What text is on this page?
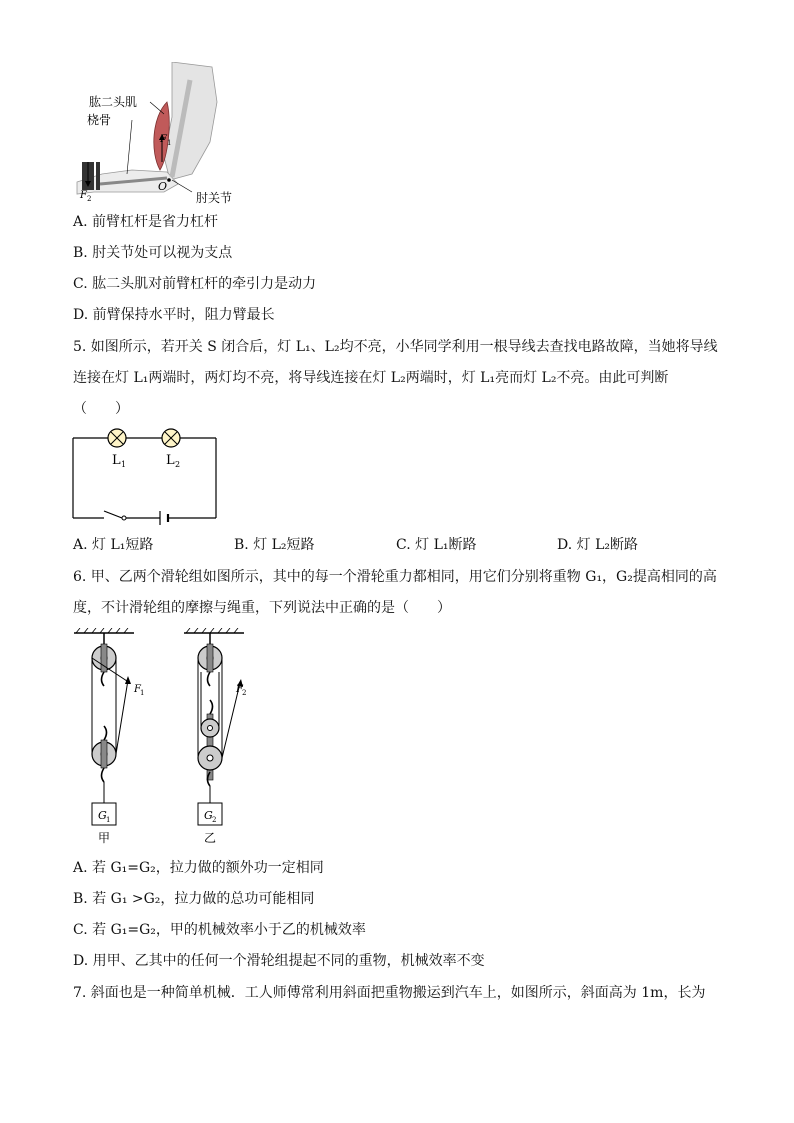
肱二头肌
桡骨
肘关节
F 1
F 2
O
A. 前臂杠杆是省力杠杆
B. 肘关节处可以视为支点
C. 肱二头肌对前臂杠杆的牵引力是动力
D. 前臂保持水平时，阻力臂最长
5. 如图所示，若开关 S 闭合后，灯 L₁、L₂均不亮，小华同学利用一根导线去查找电路故障，当她将导线
连接在灯 L₁两端时，两灯均不亮，将导线连接在灯 L₂两端时，灯 L₁亮而灯 L₂不亮。由此可判断
（　　）
L 1	L 2
A. 灯 L₁短路	B. 灯 L₂短路	C. 灯 L₁断路	D. 灯 L₂断路
6. 甲、乙两个滑轮组如图所示，其中的每一个滑轮重力都相同，用它们分别将重物 G₁，G₂提高相同的高
度，不计滑轮组的摩擦与绳重，下列说法中正确的是（　　）
F 1	F 2
G 1	G 2
甲	乙
A. 若 G₁=G₂，拉力做的额外功一定相同
B. 若 G₁ >G₂，拉力做的总功可能相同
C. 若 G₁=G₂，甲的机械效率小于乙的机械效率
D. 用甲、乙其中的任何一个滑轮组提起不同的重物，机械效率不变
7. 斜面也是一种简单机械．工人师傅常利用斜面把重物搬运到汽车上，如图所示，斜面高为 1m，长为
